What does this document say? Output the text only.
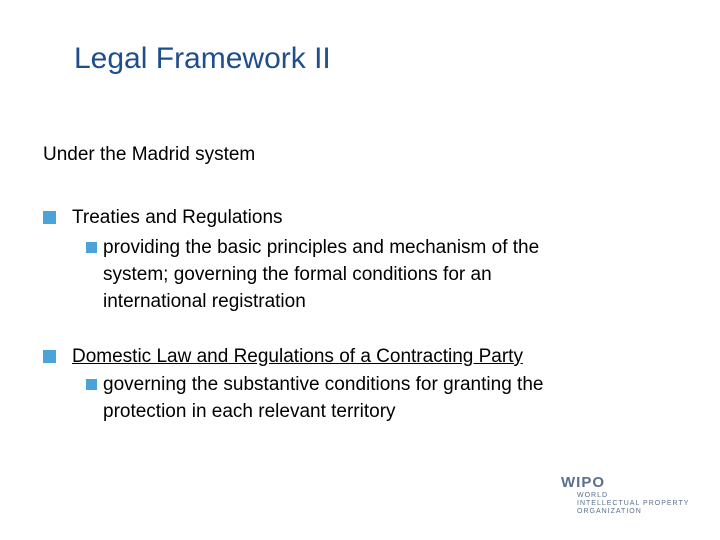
Legal Framework II
Under the Madrid system
Treaties and Regulations
providing the basic principles and mechanism of the
system; governing the formal conditions for an
international registration
Domestic Law and Regulations of a Contracting Party
governing the substantive conditions for granting the
protection in each relevant territory
WIPO
WORLD
INTELLECTUAL PROPERTY
ORGANIZATION
